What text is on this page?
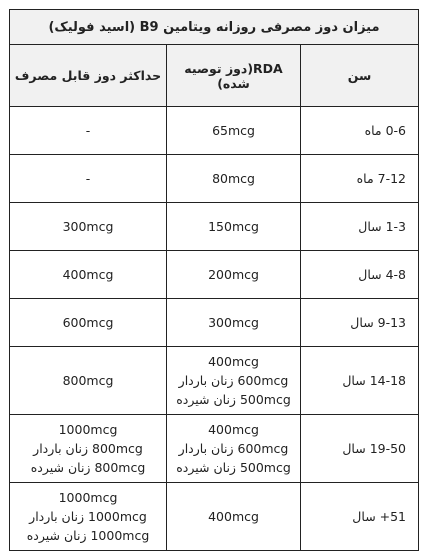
میزان دوز مصرفی روزانه ویتامین B9 (اسید فولیک)		
سن	RDA(دوز توصیه شده)	حداکثر دوز قابل مصرف
0-6 ماه	65mcg	-

7-12 ماه	80mcg	-

1-3 سال	150mcg	300mcg

4-8 سال	200mcg	400mcg

9-13 سال	300mcg	600mcg

14-18 سال	400mcg
600mcg زنان باردار
500mcg زنان شیرده	800mcg

19-50 سال	400mcg
600mcg زنان باردار
500mcg زنان شیرده	1000mcg
800mcg زنان باردار
800mcg زنان شیرده

51+ سال	400mcg	1000mcg
1000mcg زنان باردار
1000mcg زنان شیرده
